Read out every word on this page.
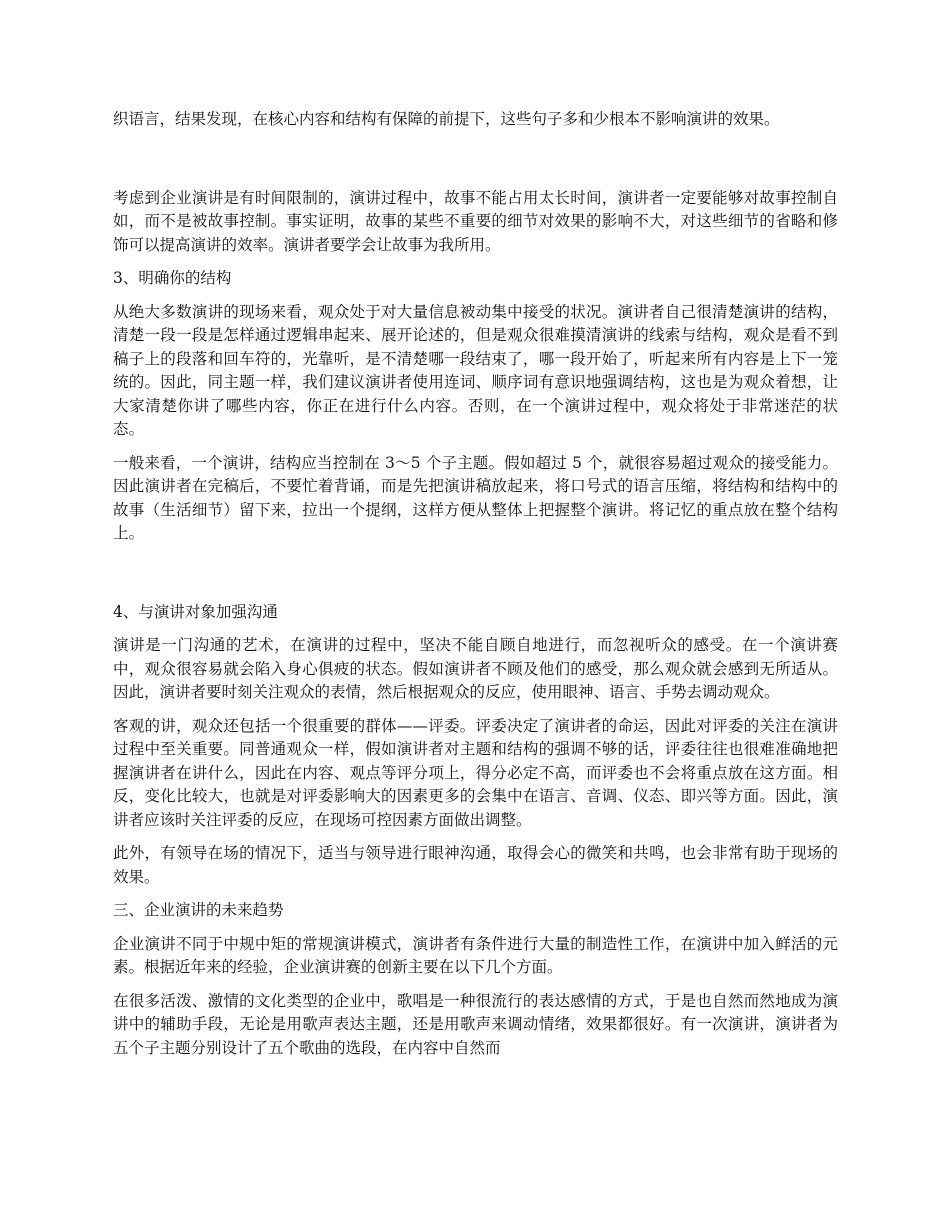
织语言，结果发现，在核心内容和结构有保障的前提下，这些句子多和少根本不影响演讲的效果。

考虑到企业演讲是有时间限制的，演讲过程中，故事不能占用太长时间，演讲者一定要能够对故事控制自如，而不是被故事控制。事实证明，故事的某些不重要的细节对效果的影响不大，对这些细节的省略和修饰可以提高演讲的效率。演讲者要学会让故事为我所用。

3、明确你的结构

从绝大多数演讲的现场来看，观众处于对大量信息被动集中接受的状况。演讲者自己很清楚演讲的结构，清楚一段一段是怎样通过逻辑串起来、展开论述的，但是观众很难摸清演讲的线索与结构，观众是看不到稿子上的段落和回车符的，光靠听，是不清楚哪一段结束了，哪一段开始了，听起来所有内容是上下一笼统的。因此，同主题一样，我们建议演讲者使用连词、顺序词有意识地强调结构，这也是为观众着想，让大家清楚你讲了哪些内容，你正在进行什么内容。否则，在一个演讲过程中，观众将处于非常迷茫的状态。

一般来看，一个演讲，结构应当控制在 3～5 个子主题。假如超过 5 个，就很容易超过观众的接受能力。因此演讲者在完稿后，不要忙着背诵，而是先把演讲稿放起来，将口号式的语言压缩，将结构和结构中的故事（生活细节）留下来，拉出一个提纲，这样方便从整体上把握整个演讲。将记忆的重点放在整个结构上。

4、与演讲对象加强沟通

演讲是一门沟通的艺术，在演讲的过程中，坚决不能自顾自地进行，而忽视听众的感受。在一个演讲赛中，观众很容易就会陷入身心俱疲的状态。假如演讲者不顾及他们的感受，那么观众就会感到无所适从。因此，演讲者要时刻关注观众的表情，然后根据观众的反应，使用眼神、语言、手势去调动观众。

客观的讲，观众还包括一个很重要的群体——评委。评委决定了演讲者的命运，因此对评委的关注在演讲过程中至关重要。同普通观众一样，假如演讲者对主题和结构的强调不够的话，评委往往也很难准确地把握演讲者在讲什么，因此在内容、观点等评分项上，得分必定不高，而评委也不会将重点放在这方面。相反，变化比较大，也就是对评委影响大的因素更多的会集中在语言、音调、仪态、即兴等方面。因此，演讲者应该时关注评委的反应，在现场可控因素方面做出调整。

此外，有领导在场的情况下，适当与领导进行眼神沟通，取得会心的微笑和共鸣，也会非常有助于现场的效果。

三、企业演讲的未来趋势

企业演讲不同于中规中矩的常规演讲模式，演讲者有条件进行大量的制造性工作，在演讲中加入鲜活的元素。根据近年来的经验，企业演讲赛的创新主要在以下几个方面。

在很多活泼、激情的文化类型的企业中，歌唱是一种很流行的表达感情的方式，于是也自然而然地成为演讲中的辅助手段，无论是用歌声表达主题，还是用歌声来调动情绪，效果都很好。有一次演讲，演讲者为五个子主题分别设计了五个歌曲的选段，在内容中自然而
